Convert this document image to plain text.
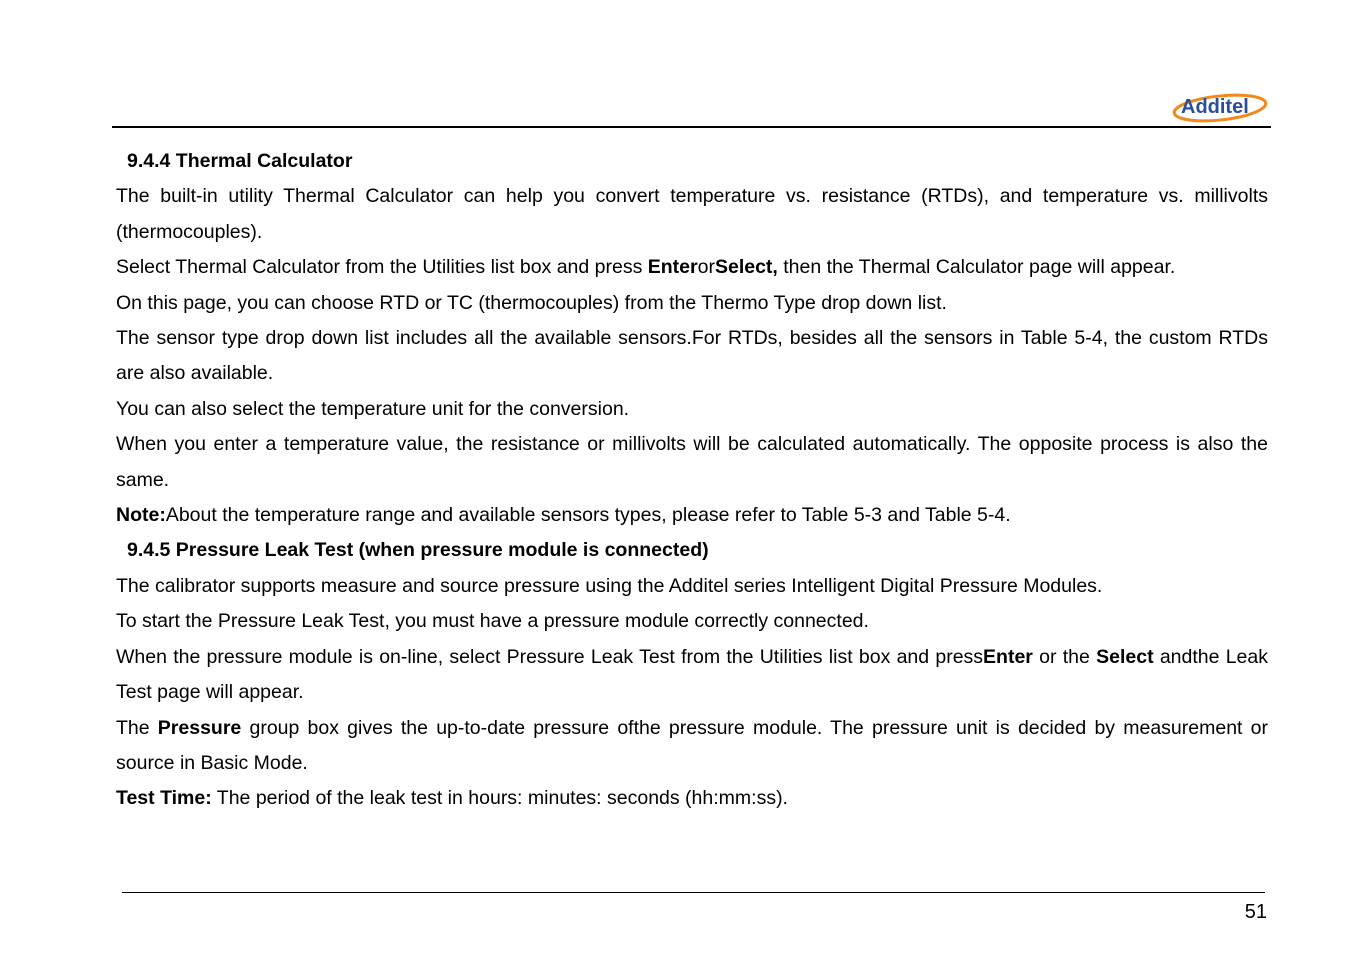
Additel

9.4.4 Thermal Calculator

The built-in utility Thermal Calculator can help you convert temperature vs. resistance (RTDs), and temperature vs. millivolts (thermocouples).

Select Thermal Calculator from the Utilities list box and press EnterorSelect, then the Thermal Calculator page will appear.

On this page, you can choose RTD or TC (thermocouples) from the Thermo Type drop down list.

The sensor type drop down list includes all the available sensors.For RTDs, besides all the sensors in Table 5-4, the custom RTDs are also available.

You can also select the temperature unit for the conversion.

When you enter a temperature value, the resistance or millivolts will be calculated automatically. The opposite process is also the same.

Note:About the temperature range and available sensors types, please refer to Table 5-3 and Table 5-4.

9.4.5 Pressure Leak Test (when pressure module is connected)

The calibrator supports measure and source pressure using the Additel series Intelligent Digital Pressure Modules.

To start the Pressure Leak Test, you must have a pressure module correctly connected.

When the pressure module is on-line, select Pressure Leak Test from the Utilities list box and pressEnter or the Select andthe Leak Test page will appear.

The Pressure group box gives the up-to-date pressure ofthe pressure module. The pressure unit is decided by measurement or source in Basic Mode.

Test Time: The period of the leak test in hours: minutes: seconds (hh:mm:ss).

51
